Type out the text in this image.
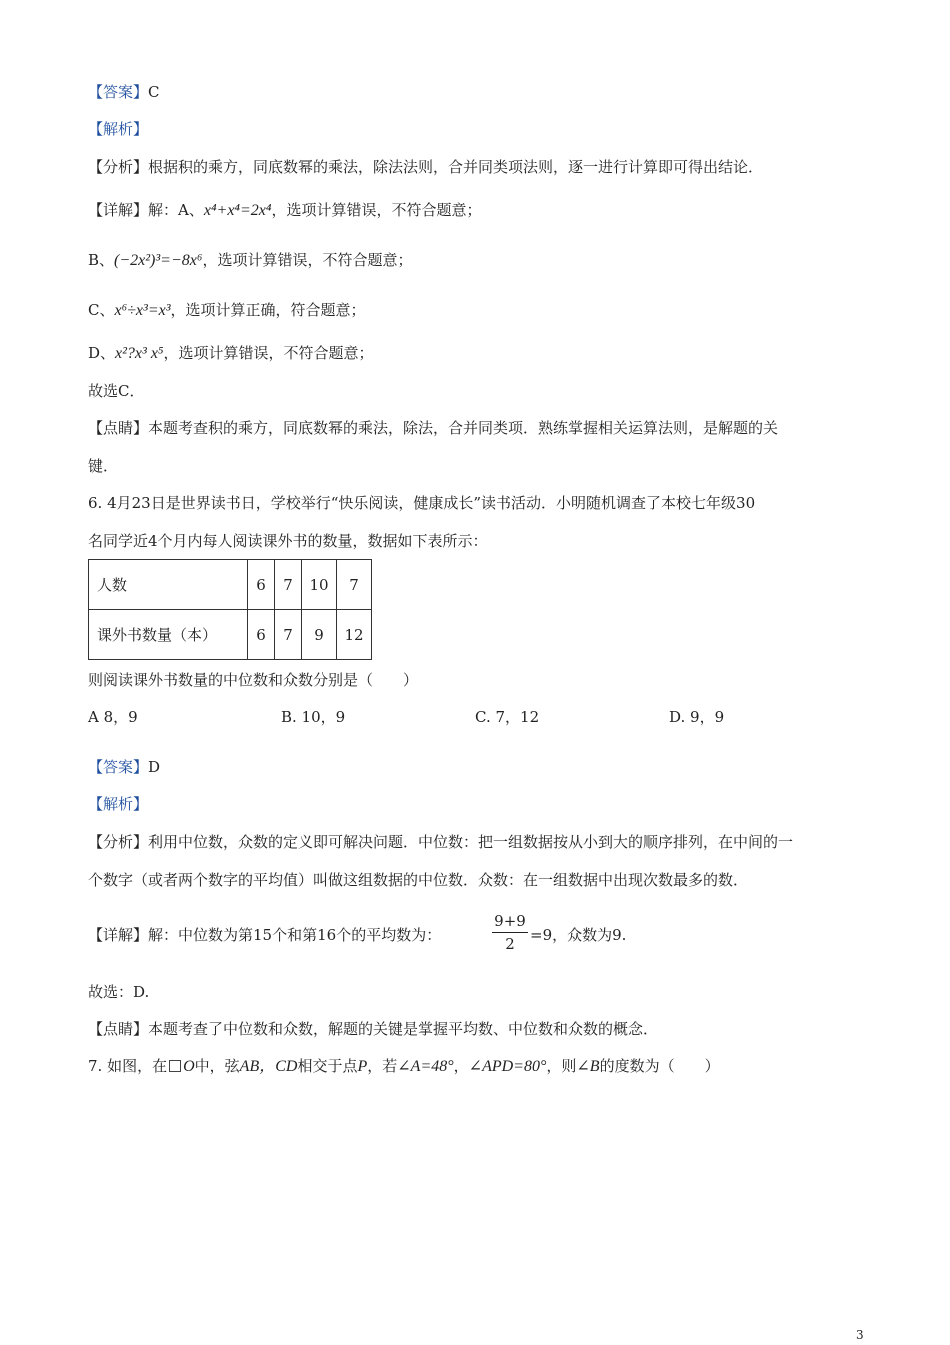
【答案】C
【解析】
【分析】根据积的乘方，同底数幂的乘法，除法法则，合并同类项法则，逐一进行计算即可得出结论．
【详解】解：A、x⁴+x⁴=2x⁴，选项计算错误，不符合题意；
B、(−2x²)³=−8x⁶，选项计算错误，不符合题意；
C、x⁶÷x³=x³，选项计算正确，符合题意；
D、x²?x³ x⁵，选项计算错误，不符合题意；
故选C．
【点睛】本题考查积的乘方，同底数幂的乘法，除法，合并同类项．熟练掌握相关运算法则，是解题的关
键．
6. 4月23日是世界读书日，学校举行“快乐阅读，健康成长”读书活动．小明随机调查了本校七年级30
名同学近4个月内每人阅读课外书的数量，数据如下表所示：
人数	6	7	10	7
课外书数量（本）	6	7	9	12
则阅读课外书数量的中位数和众数分别是（　　）
A 8，9	B. 10，9	C. 7，12	D. 9，9
【答案】D
【解析】
【分析】利用中位数，众数的定义即可解决问题．中位数：把一组数据按从小到大的顺序排列，在中间的一
个数字（或者两个数字的平均值）叫做这组数据的中位数．众数：在一组数据中出现次数最多的数．
【详解】解：中位数为第15个和第16个的平均数为：
9+9
2	=9，众数为9.
故选：D.
【点睛】本题考查了中位数和众数，解题的关键是掌握平均数、中位数和众数的概念．
7. 如图，在 O中，弦AB，CD相交于点P，若∠A=48°，∠APD=80°，则∠B的度数为（　　）
3
